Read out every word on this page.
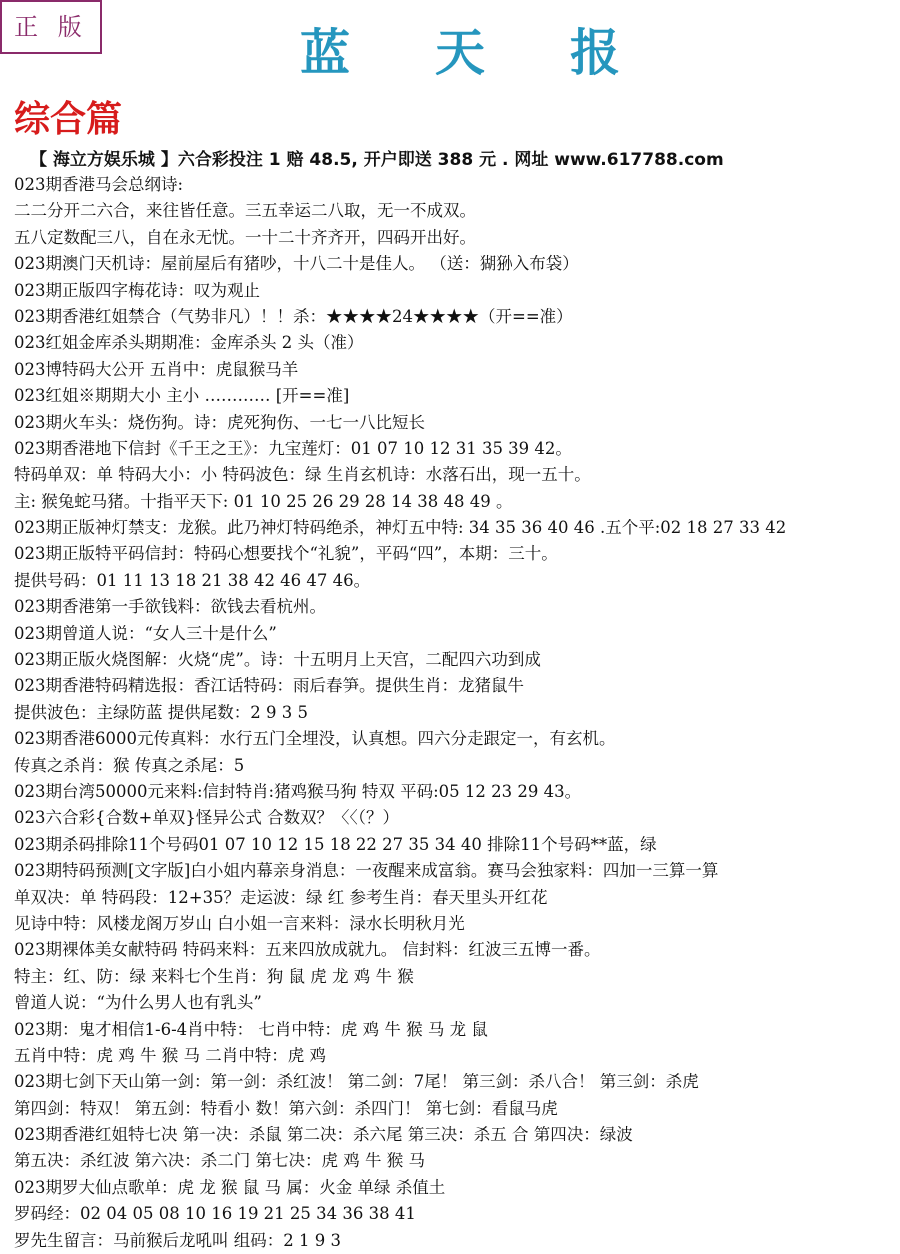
正 版	蓝 天 报
综合篇
【 海立方娱乐城 】六合彩投注 1 赔 48.5, 开户即送 388 元 . 网址 www.617788.com
023期香港马会总纲诗:
二二分开二六合，来往皆任意。三五幸运二八取，无一不成双。
五八定数配三八，自在永无忧。一十二十齐齐开，四码开出好。
023期澳门天机诗：屋前屋后有猪吵，十八二十是佳人。 （送：猢狲入布袋）
023期正版四字梅花诗：叹为观止
023期香港红姐禁合（气势非凡）！！杀：★★★★24★★★★（开==准）
023红姐金库杀头期期准：金库杀头 2 头（准）
023博特码大公开 五肖中：虎鼠猴马羊
023红姐※期期大小 主小 ………… [开==准]
023期火车头：烧伤狗。诗：虎死狗伤、一七一八比短长
023期香港地下信封《千王之王》：九宝莲灯：01 07 10 12 31 35 39 42。
特码单双：单 特码大小：小 特码波色：绿 生肖玄机诗：水落石出，现一五十。
主: 猴兔蛇马猪。十指平天下: 01 10 25 26 29 28 14 38 48 49 。
023期正版神灯禁支：龙猴。此乃神灯特码绝杀，神灯五中特: 34 35 36 40 46 .五个平:02 18 27 33 42
023期正版特平码信封：特码心想要找个“礼貌”，平码“四”，本期：三十。
提供号码：01 11 13 18 21 38 42 46 47 46。
023期香港第一手欲钱料：欲钱去看杭州。
023期曾道人说：“女人三十是什么”
023期正版火烧图解：火烧“虎”。诗：十五明月上天宫，二配四六功到成
023期香港特码精选报：香江话特码：雨后春笋。提供生肖：龙猪鼠牛
提供波色：主绿防蓝 提供尾数：2 9 3 5
023期香港6000元传真料：水行五门全埋没，认真想。四六分走跟定一，有玄机。
传真之杀肖：猴 传真之杀尾：5
023期台湾50000元来料:信封特肖:猪鸡猴马狗 特双 平码:05 12 23 29 43。
023六合彩{合数+单双}怪异公式 合数双？〈〈（？）
023期杀码排除11个号码01 07 10 12 15 18 22 27 35 34 40 排除11个号码**蓝，绿
023期特码预测[文字版]白小姐内幕亲身消息：一夜醒来成富翁。赛马会独家料：四加一三算一算
单双决：单 特码段：12+35？走运波：绿 红 参考生肖：春天里头开红花
见诗中特：风楼龙阁万岁山 白小姐一言来料：渌水长明秋月光
023期裸体美女献特码 特码来料：五来四放成就九。 信封料：红波三五博一番。
特主：红、防：绿 来料七个生肖：狗 鼠 虎 龙 鸡 牛 猴
曾道人说：“为什么男人也有乳头”
023期：鬼才相信1-6-4肖中特： 七肖中特：虎 鸡 牛 猴 马 龙 鼠
五肖中特：虎 鸡 牛 猴 马 二肖中特：虎 鸡
023期七剑下天山第一剑：第一剑：杀红波！ 第二剑：7尾！ 第三剑：杀八合！ 第三剑：杀虎
第四剑：特双！ 第五剑：特看小 数！第六剑：杀四门！ 第七剑：看鼠马虎
023期香港红姐特七决 第一决：杀鼠 第二决：杀六尾 第三决：杀五 合 第四决：绿波
第五决：杀红波 第六决：杀二门 第七决：虎 鸡 牛 猴 马
023期罗大仙点歌单：虎 龙 猴 鼠 马 属：火金 单绿 杀值土
罗码经：02 04 05 08 10 16 19 21 25 34 36 38 41
罗先生留言：马前猴后龙吼叫 组码：2 1 9 3
